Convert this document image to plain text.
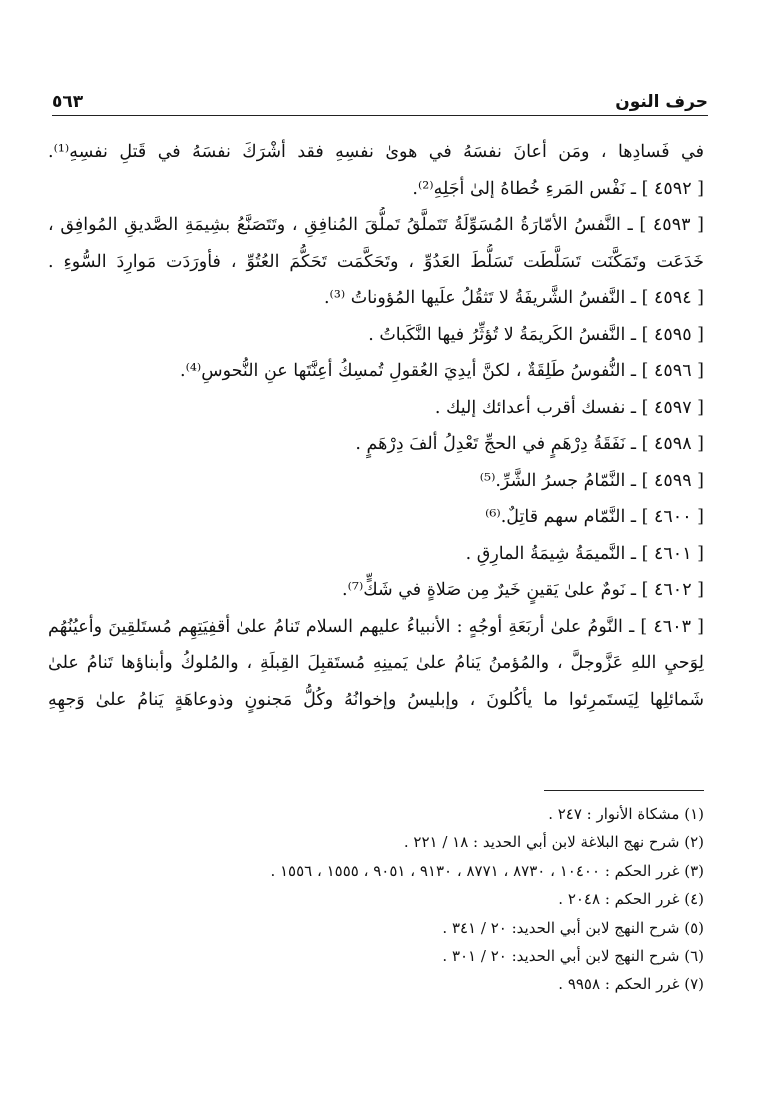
حرف النون
٥٦٣
في فَسادِها ، ومَن أعانَ نفسَهُ في هوىٰ نفسِهِ فقد أشْرَكَ نفسَهُ في قَتلِ نفسِهِ⁽¹⁾.
[ ٤٥٩٢ ] ـ نَفْس المَرءِ خُطاهُ إلىٰ أجَلِهِ⁽²⁾.
[ ٤٥٩٣ ] ـ النَّفسُ الأمّارَةُ المُسَوِّلَةُ تَتَملَّقُ تَملُّقَ المُنافِقِ ، وتَتَصَنَّعُ بشِيمَةِ الصَّديقِ المُوافِق ،
خَدَعَت وتَمَكَّنَت تَسَلَّطَت تَسَلُّطَ العَدُوِّ ، وتَحَكَّمَت تَحَكُّمَ العُتُوِّ ، فأورَدَت مَوارِدَ السُّوءِ .
[ ٤٥٩٤ ] ـ النَّفسُ الشَّريفَةُ لا تَثقُلُ علَيها المُؤوناتُ ⁽³⁾.
[ ٤٥٩٥ ] ـ النَّفسُ الكَريمَةُ لا تُؤثِّرُ فيها النَّكَباتُ .
[ ٤٥٩٦ ] ـ النُّفوسُ طَلِقَةٌ ، لكنَّ أيدِيَ العُقولِ تُمسِكُ أعِنَّتَها عنِ النُّحوسِ⁽⁴⁾.
[ ٤٥٩٧ ] ـ نفسك أقرب أعدائك إليك .
[ ٤٥٩٨ ] ـ نَفَقَةُ دِرْهَمٍ في الحجِّ تَعْدِلُ ألفَ دِرْهَمٍ .
[ ٤٥٩٩ ] ـ النَّمّامُ جسرُ الشَّرِّ.⁽⁵⁾
[ ٤٦٠٠ ] ـ النَّمّام سهم قاتِلٌ.⁽⁶⁾
[ ٤٦٠١ ] ـ النَّميمَةُ شِيمَةُ المارِقِ .
[ ٤٦٠٢ ] ـ نَومٌ علىٰ يَقينٍ خَيرٌ مِن صَلاةٍ في شَكٍّ⁽⁷⁾.
[ ٤٦٠٣ ] ـ النَّومُ علىٰ أربَعَةِ أوجُهٍ : الأنبياءُ عليهم السلام تَنامُ علىٰ أقفِيَتِهِم مُستَلقِينَ وأعيُنُهُم
لِوَحيِ اللهِ عَزَّوجلَّ ، والمُؤمنُ يَنامُ علىٰ يَمينِهِ مُستَقبِلَ القِبلَةِ ، والمُلوكُ وأبناؤها تَنامُ علىٰ
شَمائلِها لِيَستَمرِئوا ما يأكُلونَ ، وإبليسُ وإخوانُهُ وكُلُّ مَجنونٍ وذوعاهَةٍ يَنامُ علىٰ وَجهِهِ
(١) مشكاة الأنوار : ٢٤٧ .
(٢) شرح نهج البلاغة لابن أبي الحديد : ١٨ / ٢٢١ .
(٣) غرر الحكم : ١٠٤٠٠ ، ٨٧٣٠ ، ٨٧٧١ ، ٩١٣٠ ، ٩٠٥١ ، ١٥٥٥ ، ١٥٥٦ .
(٤) غرر الحكم : ٢٠٤٨ .
(٥) شرح النهج لابن أبي الحديد: ٢٠ / ٣٤١ .
(٦) شرح النهج لابن أبي الحديد: ٢٠ / ٣٠١ .
(٧) غرر الحكم : ٩٩٥٨ .
